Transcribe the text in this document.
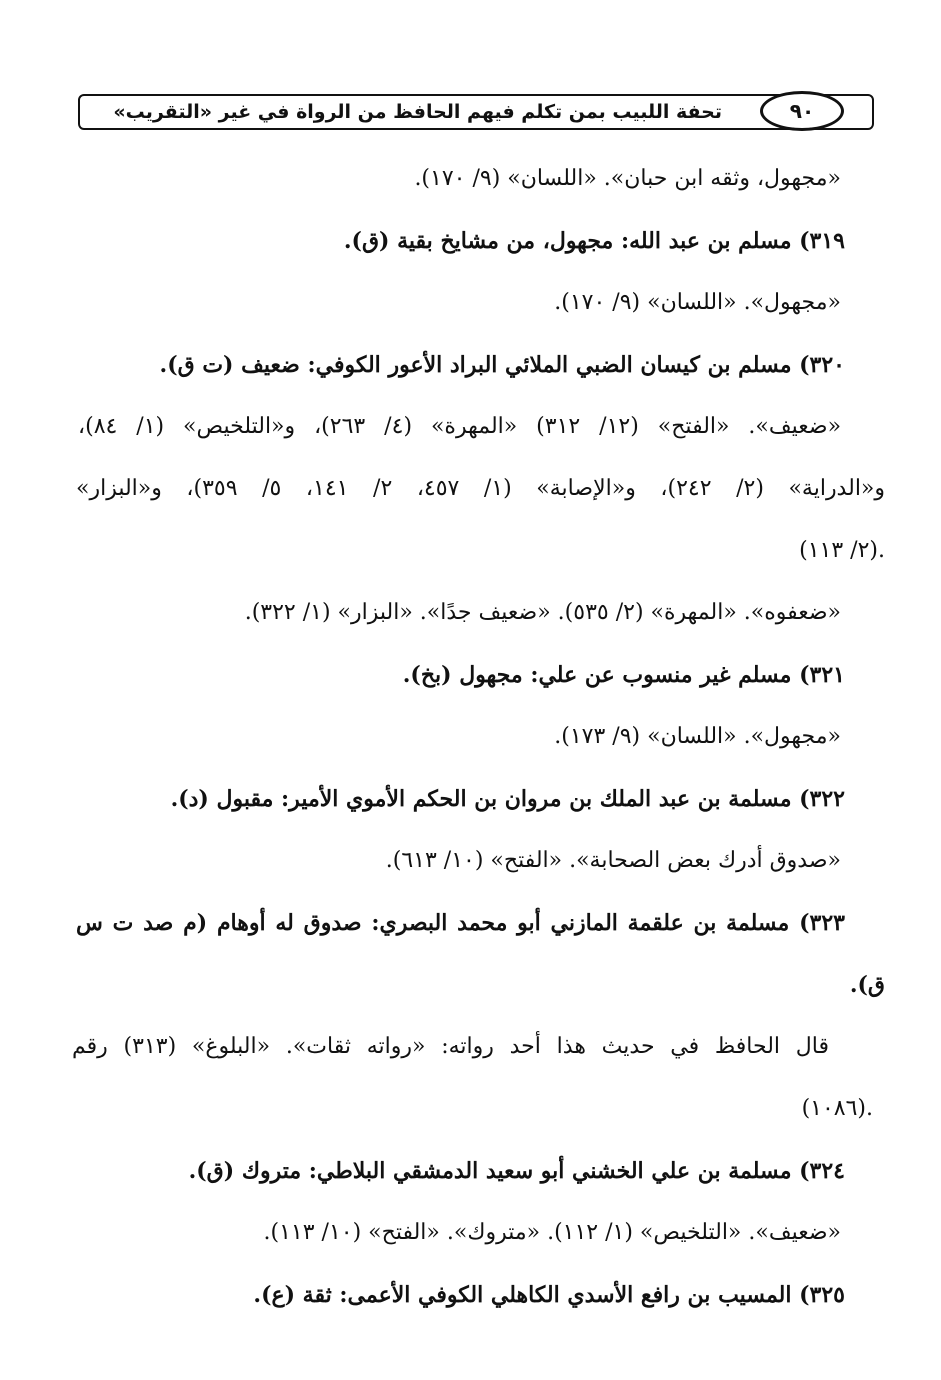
تحفة اللبيب بمن تكلم فيهم الحافظ من الرواة في غير «التقريب»	٩٠
«مجهول، وثقه ابن حبان». «اللسان» (٩/ ١٧٠).
٣١٩) مسلم بن عبد الله: مجهول، من مشايخ بقية (ق).
«مجهول». «اللسان» (٩/ ١٧٠).
٣٢٠) مسلم بن كيسان الضبي الملائي البراد الأعور الكوفي: ضعيف (ت ق).
«ضعيف». «الفتح» (١٢/ ٣١٢) «المهرة» (٤/ ٢٦٣)، و«التلخيص» (١/ ٨٤)،
و«الدراية» (٢/ ٢٤٢)، و«الإصابة» (١/ ٤٥٧، ٢/ ١٤١، ٥/ ٣٥٩)، و«البزار»
(٢/ ١١٣).
«ضعفوه». «المهرة» (٢/ ٥٣٥). «ضعيف جدًا». «البزار» (١/ ٣٢٢).
٣٢١) مسلم غير منسوب عن علي: مجهول (بخ).
«مجهول». «اللسان» (٩/ ١٧٣).
٣٢٢) مسلمة بن عبد الملك بن مروان بن الحكم الأموي الأمير: مقبول (د).
«صدوق أدرك بعض الصحابة». «الفتح» (١٠/ ٦١٣).
٣٢٣) مسلمة بن علقمة المازني أبو محمد البصري: صدوق له أوهام (م صد ت س
ق).
قال الحافظ في حديث هذا أحد رواته: «رواته ثقات». «البلوغ» (٣١٣) رقم
(١٠٨٦).
٣٢٤) مسلمة بن علي الخشني أبو سعيد الدمشقي البلاطي: متروك (ق).
«ضعيف». «التلخيص» (١/ ١١٢). «متروك». «الفتح» (١٠/ ١١٣).
٣٢٥) المسيب بن رافع الأسدي الكاهلي الكوفي الأعمى: ثقة (ع).
